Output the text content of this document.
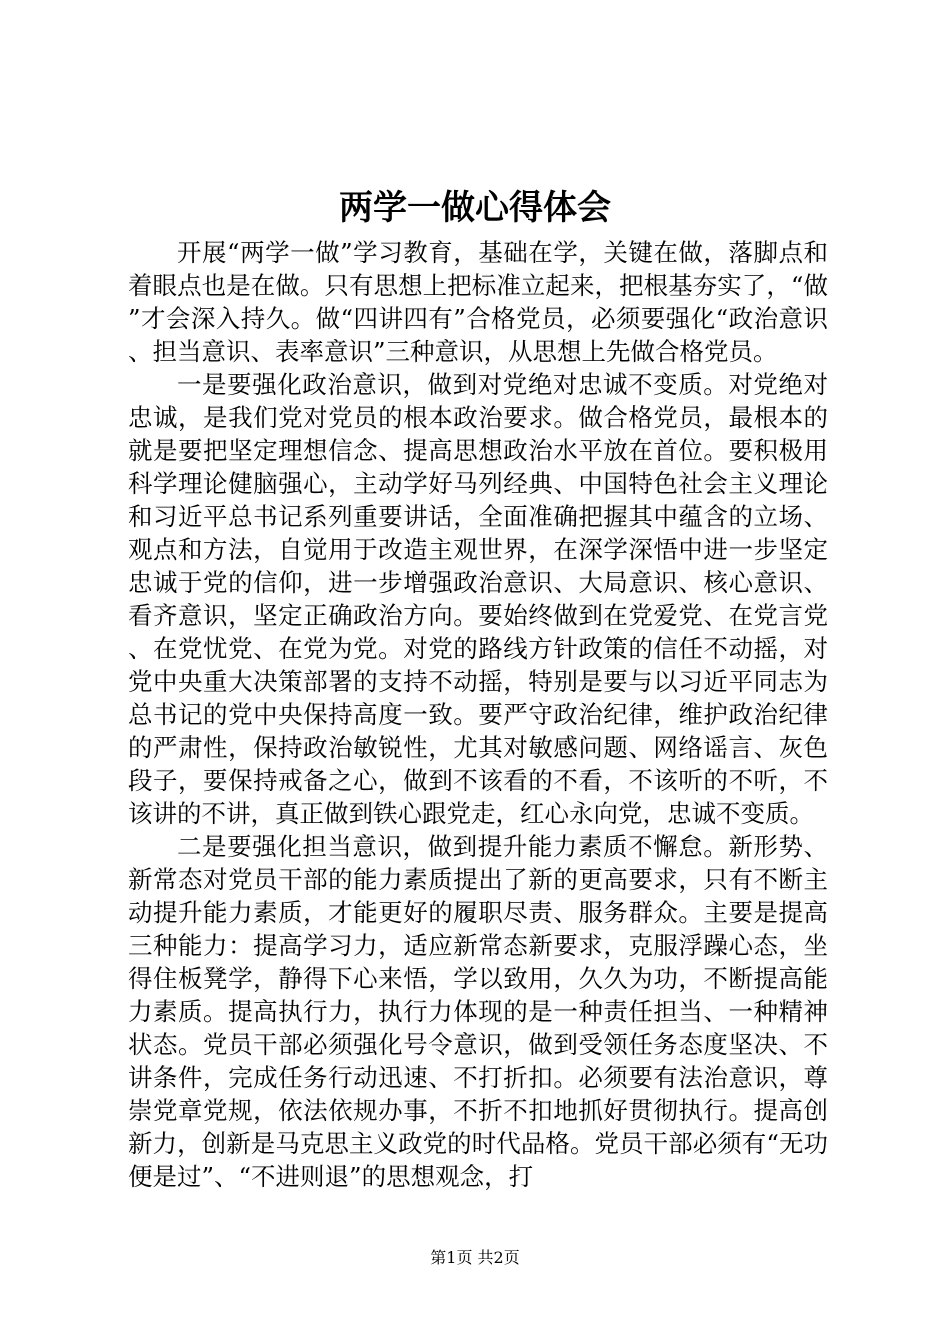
两学一做心得体会

开展“两学一做”学习教育，基础在学，关键在做，落脚点和着眼点也是在做。只有思想上把标准立起来，把根基夯实了，“做”才会深入持久。做“四讲四有”合格党员，必须要强化“政治意识、担当意识、表率意识”三种意识，从思想上先做合格党员。

一是要强化政治意识，做到对党绝对忠诚不变质。对党绝对忠诚，是我们党对党员的根本政治要求。做合格党员，最根本的就是要把坚定理想信念、提高思想政治水平放在首位。要积极用科学理论健脑强心，主动学好马列经典、中国特色社会主义理论和习近平总书记系列重要讲话，全面准确把握其中蕴含的立场、观点和方法，自觉用于改造主观世界，在深学深悟中进一步坚定忠诚于党的信仰，进一步增强政治意识、大局意识、核心意识、看齐意识，坚定正确政治方向。要始终做到在党爱党、在党言党、在党忧党、在党为党。对党的路线方针政策的信任不动摇，对党中央重大决策部署的支持不动摇，特别是要与以习近平同志为总书记的党中央保持高度一致。要严守政治纪律，维护政治纪律的严肃性，保持政治敏锐性，尤其对敏感问题、网络谣言、灰色段子，要保持戒备之心，做到不该看的不看，不该听的不听，不该讲的不讲，真正做到铁心跟党走，红心永向党，忠诚不变质。

二是要强化担当意识，做到提升能力素质不懈怠。新形势、新常态对党员干部的能力素质提出了新的更高要求，只有不断主动提升能力素质，才能更好的履职尽责、服务群众。主要是提高三种能力：提高学习力，适应新常态新要求，克服浮躁心态，坐得住板凳学，静得下心来悟，学以致用，久久为功，不断提高能力素质。提高执行力，执行力体现的是一种责任担当、一种精神状态。党员干部必须强化号令意识，做到受领任务态度坚决、不讲条件，完成任务行动迅速、不打折扣。必须要有法治意识，尊崇党章党规，依法依规办事，不折不扣地抓好贯彻执行。提高创新力，创新是马克思主义政党的时代品格。党员干部必须有“无功便是过”、“不进则退”的思想观念，打

第1页 共2页
